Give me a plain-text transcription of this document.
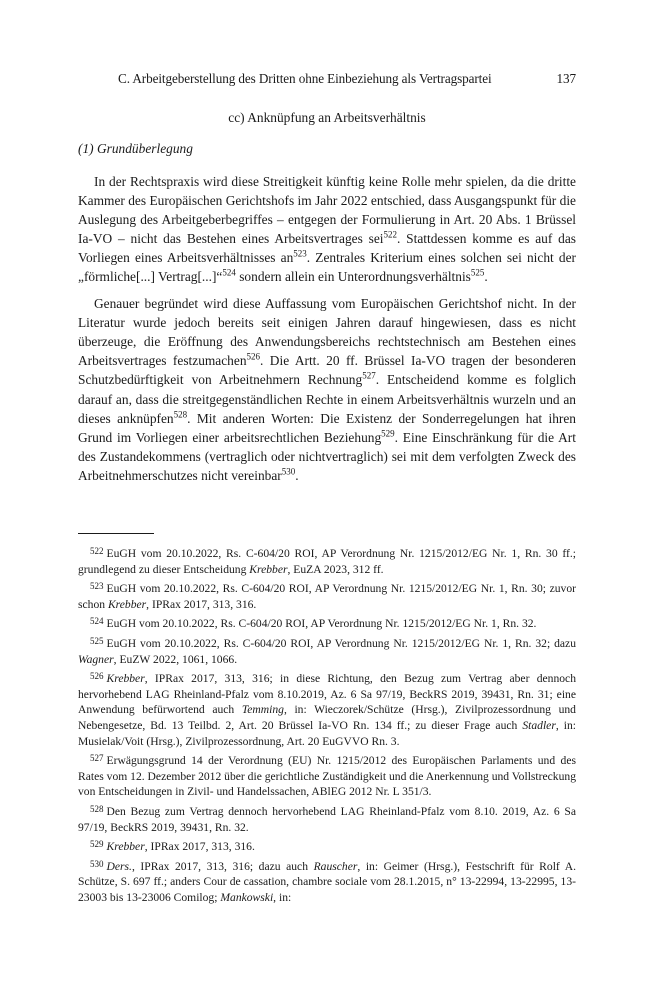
C. Arbeitgeberstellung des Dritten ohne Einbeziehung als Vertragspartei	137
cc) Anknüpfung an Arbeitsverhältnis
(1) Grundüberlegung

In der Rechtspraxis wird diese Streitigkeit künftig keine Rolle mehr spielen, da die dritte Kammer des Europäischen Gerichtshofs im Jahr 2022 entschied, dass Ausgangspunkt für die Auslegung des Arbeitgeberbegriffes – entgegen der Formulierung in Art. 20 Abs. 1 Brüssel Ia-VO – nicht das Bestehen eines Arbeitsvertrages sei$^{522}$. Stattdessen komme es auf das Vorliegen eines Arbeitsverhältnisses $an^{523}$. Zentrales Kriterium eines solchen sei nicht der „förmliche[...] Vertrag[...]“$^{524}$ sondern allein ein Unterordnungsverhältnis$^{525}$.

Genauer begründet wird diese Auffassung vom Europäischen Gerichtshof nicht. In der Literatur wurde jedoch bereits seit einigen Jahren darauf hingewiesen, dass es nicht überzeuge, die Eröffnung des Anwendungsbereichs rechtstechnisch am Bestehen eines Arbeitsvertrages festzumachen$^{526}$. Die Artt. 20 ff. Brüssel Ia-VO tragen der besonderen Schutzbedürftigkeit von Arbeitnehmern Rechnung$^{527}$. Entscheidend komme es folglich darauf an, dass die streitgegenständlichen Rechte in einem Arbeitsverhältnis wurzeln und an dieses anknüpfen$^{528}$. Mit anderen Worten: Die Existenz der Sonderregelungen hat ihren Grund im Vorliegen einer arbeitsrechtlichen Beziehung$^{529}$. Eine Einschränkung für die Art des Zustandekommens (vertraglich oder nichtvertraglich) sei mit dem verfolgten Zweck des Arbeitnehmerschutzes nicht vereinbar$^{530}$.

$^{522}$ EuGH vom 20.10.2022, Rs. C-604/20 ROI, AP Verordnung Nr. 1215/2012/EG Nr. 1, Rn. 30 ff.; grundlegend zu dieser Entscheidung Krebber, EuZA 2023, 312 ff.

$^{523}$ EuGH vom 20.10.2022, Rs. C-604/20 ROI, AP Verordnung Nr. 1215/2012/EG Nr. 1, Rn. 30; zuvor schon Krebber, IPRax 2017, 313, 316.

$^{524}$ EuGH vom 20.10.2022, Rs. C-604/20 ROI, AP Verordnung Nr. 1215/2012/EG Nr. 1, Rn. 32.

$^{525}$ EuGH vom 20.10.2022, Rs. C-604/20 ROI, AP Verordnung Nr. 1215/2012/EG Nr. 1, Rn. 32; dazu Wagner, EuZW 2022, 1061, 1066.

$^{526}$ Krebber, IPRax 2017, 313, 316; in diese Richtung, den Bezug zum Vertrag aber dennoch hervorhebend LAG Rheinland-Pfalz vom 8.10.2019, Az. 6 Sa 97/19, BeckRS 2019, 39431, Rn. 31; eine Anwendung befürwortend auch Temming, in: Wieczorek/Schütze (Hrsg.), Zivilprozessordnung und Nebengesetze, Bd. 13 Teilbd. 2, Art. 20 Brüssel Ia-VO Rn. 134 ff.; zu dieser Frage auch Stadler, in: Musielak/Voit (Hrsg.), Zivilprozessordnung, Art. 20 EuGVVO Rn. 3.

$^{527}$ Erwägungsgrund 14 der Verordnung (EU) Nr. 1215/2012 des Europäischen Parlaments und des Rates vom 12. Dezember 2012 über die gerichtliche Zuständigkeit und die Anerkennung und Vollstreckung von Entscheidungen in Zivil- und Handelssachen, ABlEG 2012 Nr. L 351/3.

$^{528}$ Den Bezug zum Vertrag dennoch hervorhebend LAG Rheinland-Pfalz vom 8.10. 2019, Az. 6 Sa 97/19, BeckRS 2019, 39431, Rn. 32.

$^{529}$ Krebber, IPRax 2017, 313, 316.

$^{530}$ Ders., IPRax 2017, 313, 316; dazu auch Rauscher, in: Geimer (Hrsg.), Festschrift für Rolf A. Schütze, S. 697 ff.; anders Cour de cassation, chambre sociale vom 28.1.2015, n° 13-22994, 13-22995, 13-23003 bis 13-23006 Comilog; Mankowski, in:
